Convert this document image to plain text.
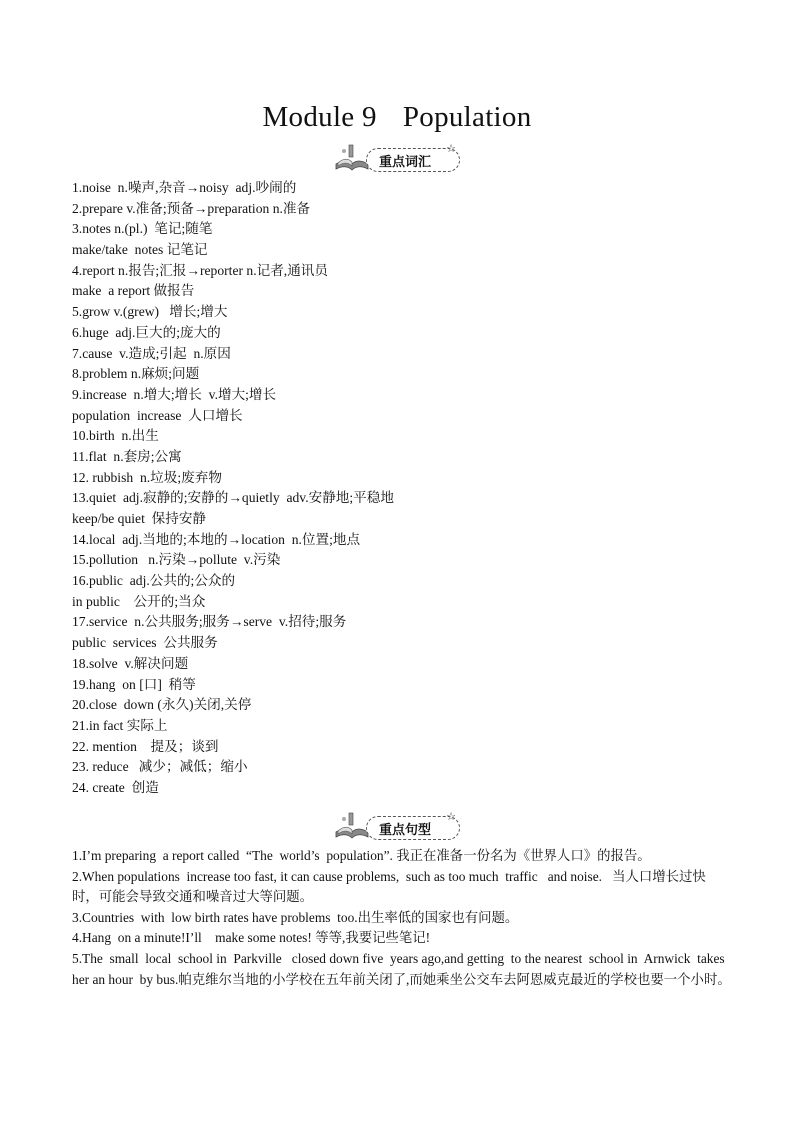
Module 9 Population
重点词汇
☆
1.noise  n.噪声,杂音→noisy  adj.吵闹的
2.prepare v.准备;预备→preparation n.准备
3.notes n.(pl.)  笔记;随笔
make/take  notes 记笔记
4.report n.报告;汇报→reporter n.记者,通讯员
make  a report 做报告
5.grow v.(grew)   增长;增大
6.huge  adj.巨大的;庞大的
7.cause  v.造成;引起  n.原因
8.problem n.麻烦;问题
9.increase  n.增大;增长  v.增大;增长
population  increase  人口增长
10.birth  n.出生
11.flat  n.套房;公寓
12. rubbish  n.垃圾;废弃物
13.quiet  adj.寂静的;安静的→quietly  adv.安静地;平稳地
keep/be quiet  保持安静
14.local  adj.当地的;本地的→location  n.位置;地点
15.pollution   n.污染→pollute  v.污染
16.public  adj.公共的;公众的
in public    公开的;当众
17.service  n.公共服务;服务→serve  v.招待;服务
public  services  公共服务
18.solve  v.解决问题
19.hang  on [口]  稍等
20.close  down (永久)关闭,关停
21.in fact 实际上
22. mention    提及；谈到
23. reduce   减少；减低；缩小
24. create  创造
重点句型
☆
1.I’m preparing  a report called  “The  world’s  population”. 我正在准备一份名为《世界人口》的报告。
2.When populations  increase too fast, it can cause problems,  such as too much  traffic   and noise.   当人口增长过快时，可能会导致交通和噪音过大等问题。
3.Countries  with  low birth rates have problems  too.出生率低的国家也有问题。
4.Hang  on a minute!I’ll    make some notes! 等等,我要记些笔记!
5.The  small  local  school in  Parkville   closed down five  years ago,and getting  to the nearest  school in  Arnwick  takes her an hour  by bus.帕克维尔当地的小学校在五年前关闭了,而她乘坐公交车去阿恩威克最近的学校也要一个小时。
